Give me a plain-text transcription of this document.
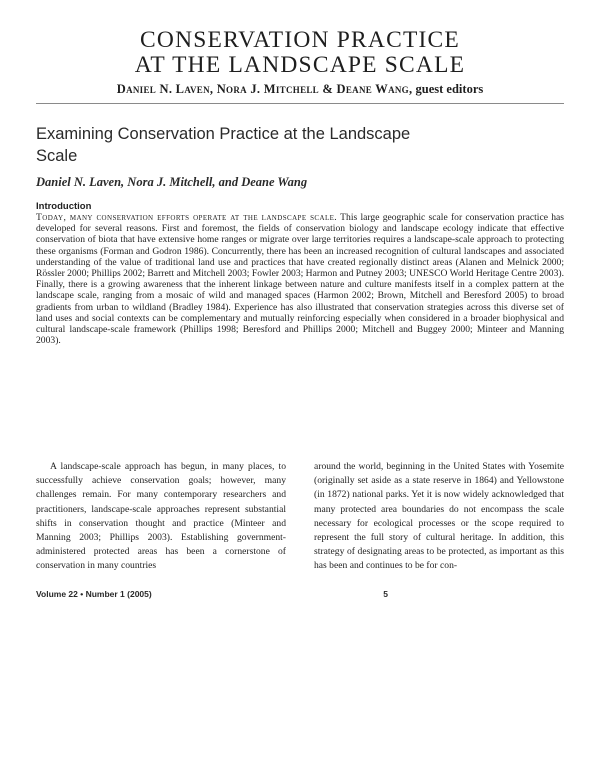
CONSERVATION PRACTICE
AT THE LANDSCAPE SCALE
Daniel N. Laven, Nora J. Mitchell & Deane Wang, guest editors
Examining Conservation Practice at the Landscape Scale
Daniel N. Laven, Nora J. Mitchell, and Deane Wang
Introduction
Today, many conservation efforts operate at the landscape scale. This large geographic scale for conservation practice has developed for several reasons. First and foremost, the fields of conservation biology and landscape ecology indicate that effective conservation of biota that have extensive home ranges or migrate over large territories requires a landscape-scale approach to protecting these organisms (Forman and Godron 1986). Concurrently, there has been an increased recognition of cultural landscapes and associated understanding of the value of traditional land use and practices that have created regionally distinct areas (Alanen and Melnick 2000; Rössler 2000; Phillips 2002; Barrett and Mitchell 2003; Fowler 2003; Harmon and Putney 2003; UNESCO World Heritage Centre 2003). Finally, there is a growing awareness that the inherent linkage between nature and culture manifests itself in a complex pattern at the landscape scale, ranging from a mosaic of wild and managed spaces (Harmon 2002; Brown, Mitchell and Beresford 2005) to broad gradients from urban to wildland (Bradley 1984). Experience has also illustrated that conservation strategies across this diverse set of land uses and social contexts can be complementary and mutually reinforcing especially when considered in a broader biophysical and cultural landscape-scale framework (Phillips 1998; Beresford and Phillips 2000; Mitchell and Buggey 2000; Minteer and Manning 2003).
A landscape-scale approach has begun, in many places, to successfully achieve conservation goals; however, many challenges remain. For many contemporary researchers and practitioners, landscape-scale approaches represent substantial shifts in conservation thought and practice (Minteer and Manning 2003; Phillips 2003). Establishing government-administered protected areas has been a cornerstone of conservation in many countries
around the world, beginning in the United States with Yosemite (originally set aside as a state reserve in 1864) and Yellowstone (in 1872) national parks. Yet it is now widely acknowledged that many protected area boundaries do not encompass the scale necessary for ecological processes or the scope required to represent the full story of cultural heritage. In addition, this strategy of designating areas to be protected, as important as this has been and continues to be for con-
Volume 22 • Number 1 (2005)	5
